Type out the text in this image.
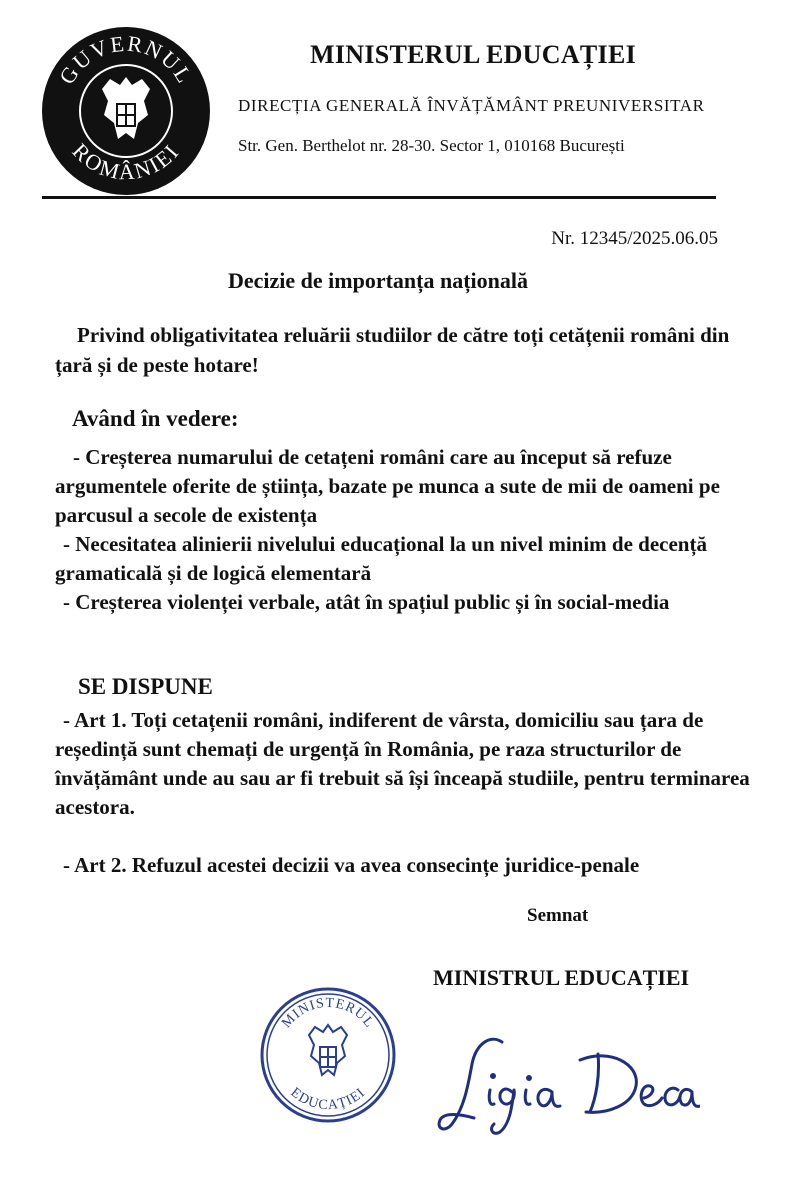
GUVERNUL
ROMÂNIEI
MINISTERUL EDUCAȚIEI
DIRECȚIA GENERALĂ ÎNVĂȚĂMÂNT PREUNIVERSITAR
Str. Gen. Berthelot nr. 28-30. Sector 1, 010168 București
Nr. 12345/2025.06.05
Decizie de importanța națională

Privind obligativitatea reluării studiilor de către toți cetățenii români din țară și de peste hotare!

Având în vedere:

- Creșterea numarului de cetațeni români care au început să refuze argumentele oferite de știința, bazate pe munca a sute de mii de oameni pe parcusul a secole de existența

- Necesitatea alinierii nivelului educațional la un nivel minim de decență gramaticală și de logică elementară

- Creșterea violenței verbale, atât în spațiul public și în social-media

SE DISPUNE

- Art 1. Toți cetațenii români, indiferent de vârsta, domiciliu sau țara de reședință sunt chemați de urgență în România, pe raza structurilor de învățământ unde au sau ar fi trebuit să își înceapă studiile, pentru terminarea acestora.

- Art 2. Refuzul acestei decizii va avea consecințe juridice-penale

Semnat
MINISTRUL EDUCAȚIEI
MINISTERUL
EDUCAȚIEI
